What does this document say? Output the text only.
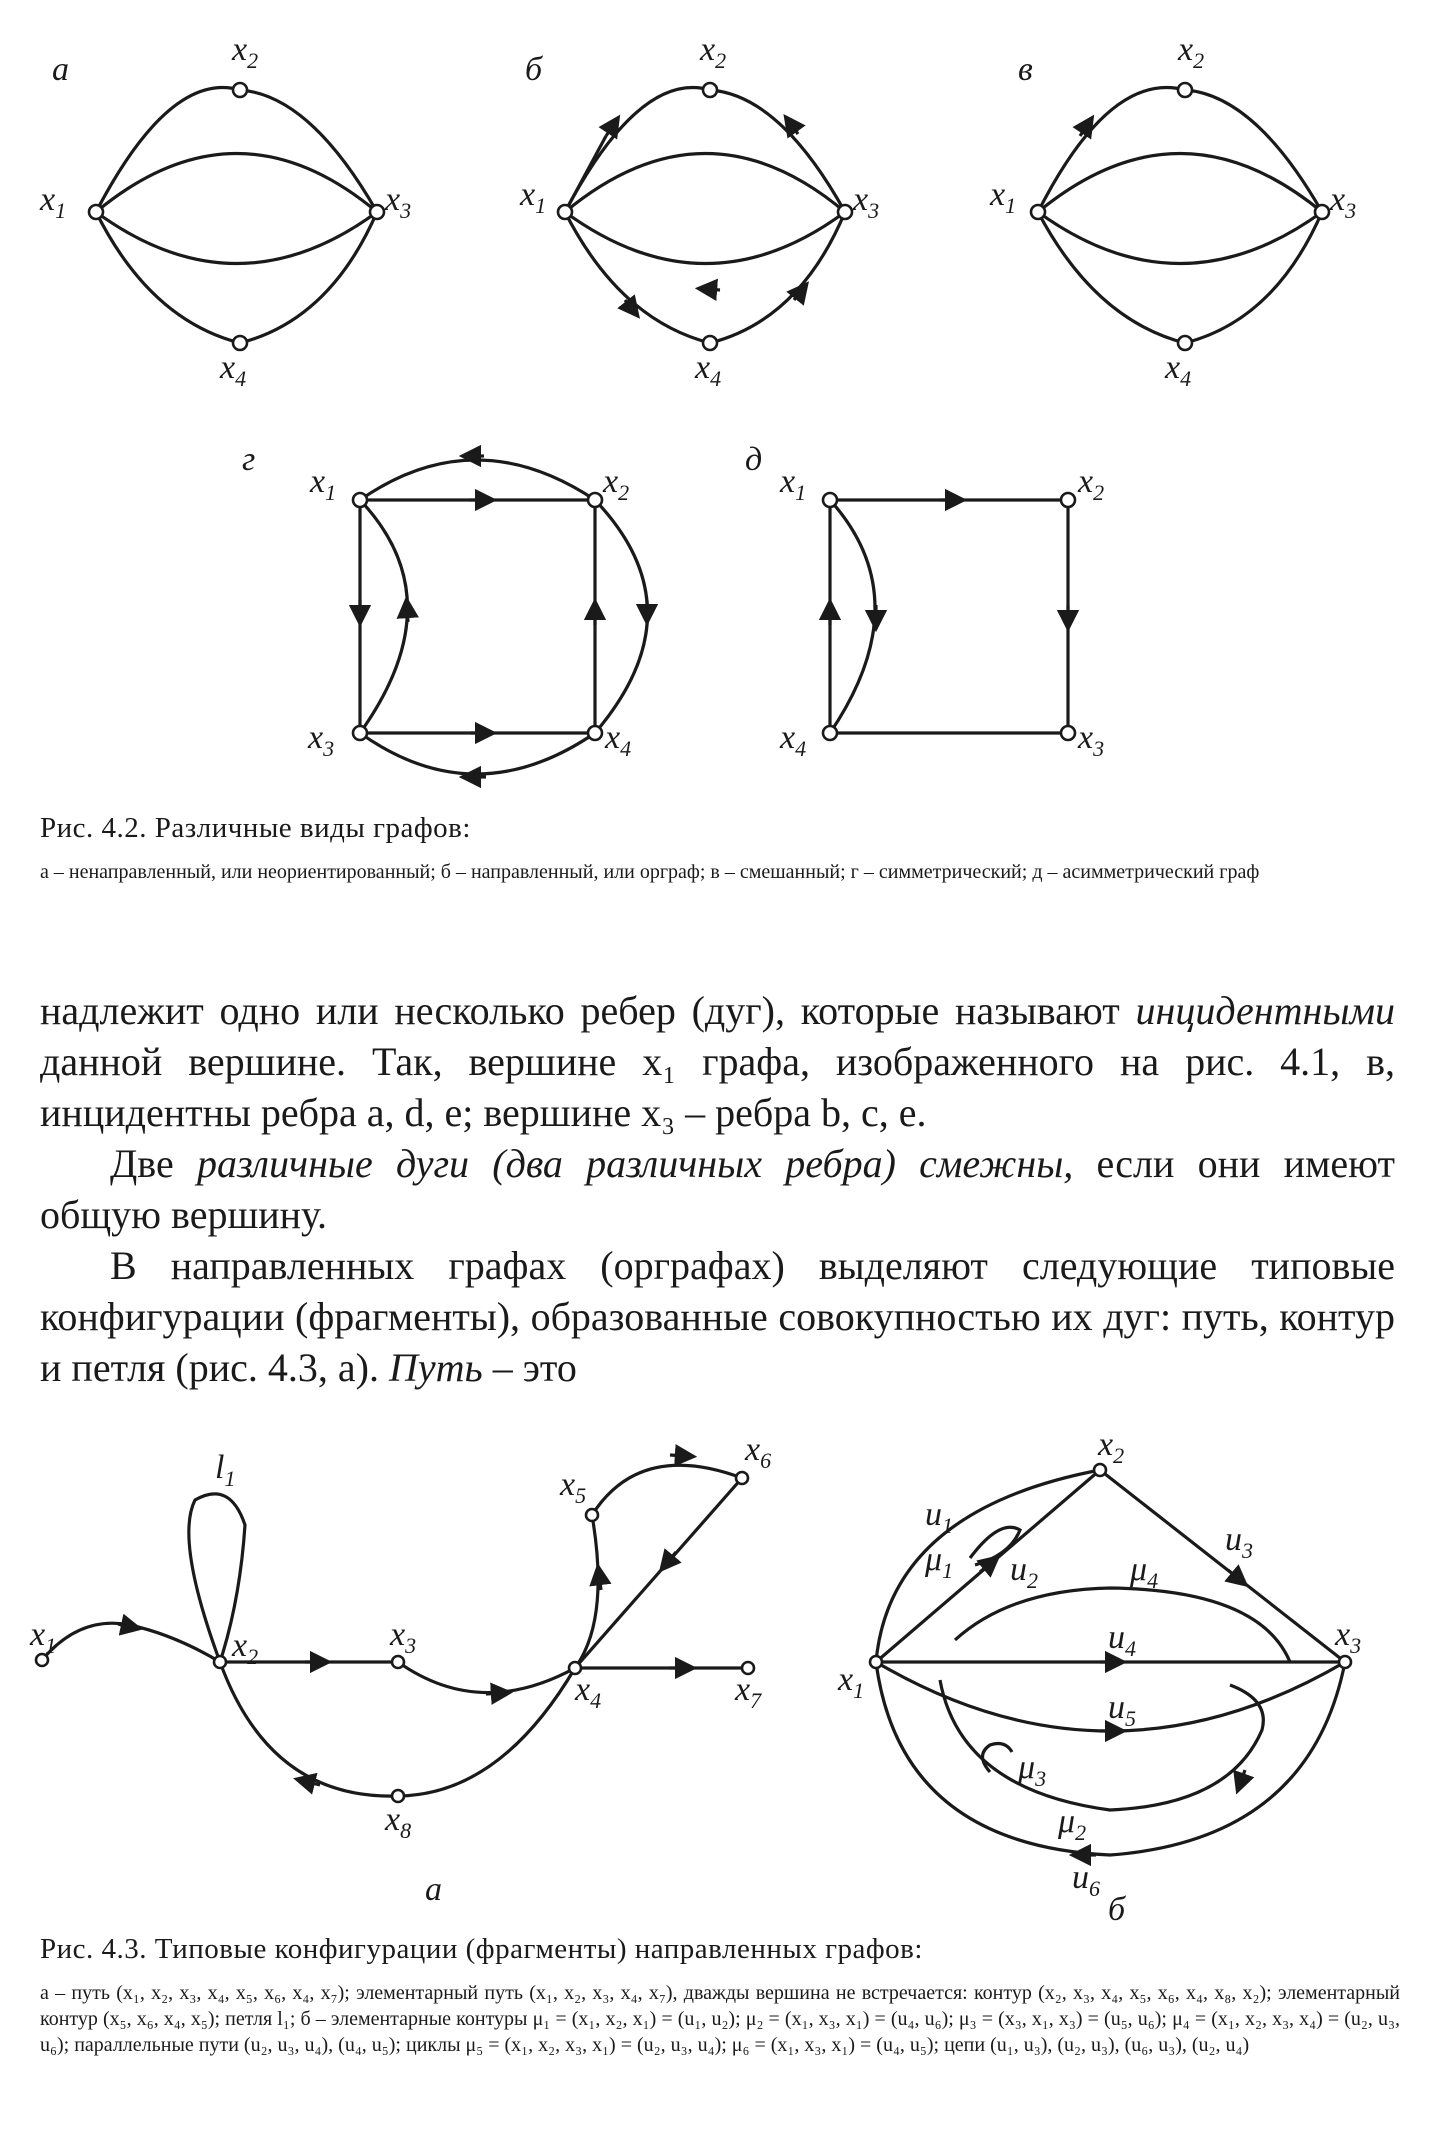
а	б	в
г	д
$x_1$
$x_2$
$x_3$
$x_4$
$x_1$
$x_2$
$x_3$
$x_4$
$x_1$
$x_2$
$x_3$
$x_4$
$x_1$	$x_2$
$x_3$	$x_4$
$x_1$	$x_2$
$x_3$
$x_4$
Рис. 4.2. Различные виды графов:
а – ненаправленный, или неориентированный; б – направленный, или орграф; в – смешанный; г – симметрический; д – асимметрический граф

надлежит одно или несколько ребер (дуг), которые называют инцидентными данной вершине. Так, вершине x₁ графа, изображенного на рис. 4.1, в, инцидентны ребра a, d, e; вершине x₃ – ребра b, c, e.

Две различные дуги (два различных ребра) смежны, если они имеют общую вершину.

В направленных графах (орграфах) выделяют следующие типовые конфигурации (фрагменты), образованные совокупностью их дуг: путь, контур и петля (рис. 4.3, а). Путь – это

$x_1$	$x_2$
$x_3$
$x_4$
$x_5$
$x_6$
$x_7$
$x_8$
$l_1$
а
$x_1$
$x_2$
$x_3$
$u_1$
$u_2$
$u_3$
$u_4$
$u_5$
$u_6$
$\mu_1$
$\mu_2$
$\mu_3$
$\mu_4$
б
Рис. 4.3. Типовые конфигурации (фрагменты) направленных графов:
а – путь (x₁, x₂, x₃, x₄, x₅, x₆, x₄, x₇); элементарный путь (x₁, x₂, x₃, x₄, x₇), дважды вершина не встречается: контур (x₂, x₃, x₄, x₅, x₆, x₄, x₈, x₂); элементарный контур (x₅, x₆, x₄, x₅); петля l₁; б – элементарные контуры μ₁ = (x₁, x₂, x₁) = (u₁, u₂); μ₂ = (x₁, x₃, x₁) = (u₄, u₆); μ₃ = (x₃, x₁, x₃) = (u₅, u₆); μ₄ = (x₁, x₂, x₃, x₄) = (u₂, u₃, u₆); параллельные пути (u₂, u₃, u₄), (u₄, u₅); циклы μ₅ = (x₁, x₂, x₃, x₁) = (u₂, u₃, u₄); μ₆ = (x₁, x₃, x₁) = (u₄, u₅); цепи (u₁, u₃), (u₂, u₃), (u₆, u₃), (u₂, u₄)
